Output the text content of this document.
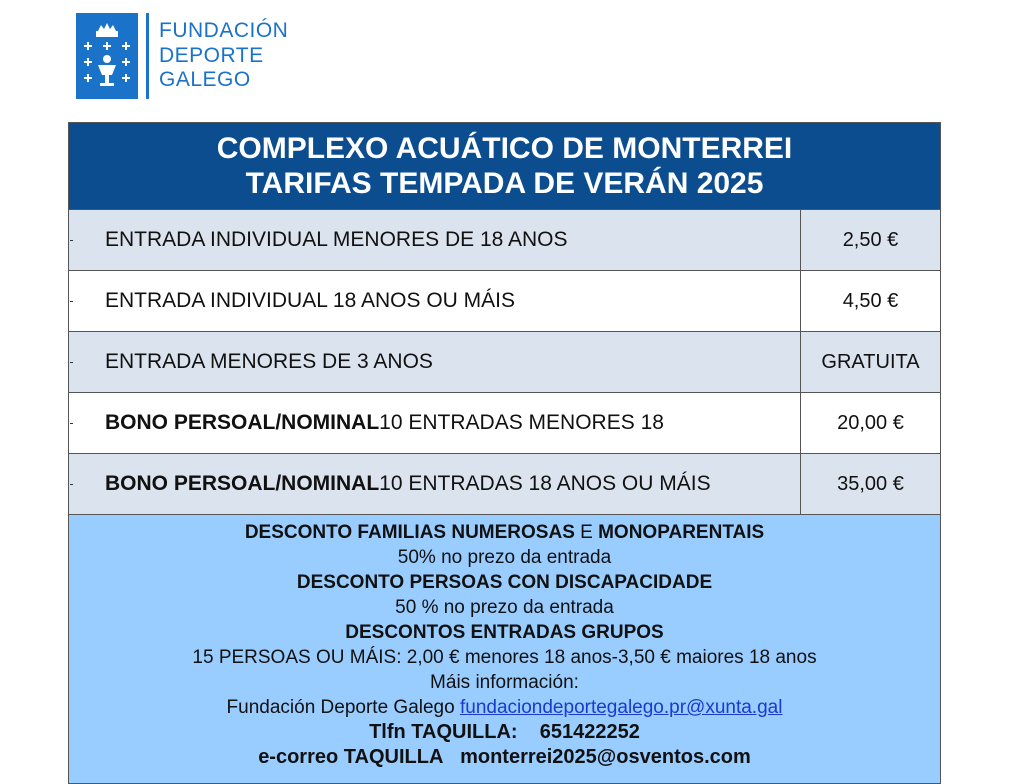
FUNDACIÓN
DEPORTE
GALEGO
COMPLEXO ACUÁTICO DE MONTERREI
TARIFAS TEMPADA DE VERÁN 2025
ENTRADA INDIVIDUAL MENORES DE 18 ANOS	2,50 €
ENTRADA INDIVIDUAL 18 ANOS OU MÁIS	4,50 €
ENTRADA MENORES DE 3 ANOS	GRATUITA
BONO PERSOAL/NOMINAL 10 ENTRADAS MENORES 18	20,00 €
BONO PERSOAL/NOMINAL 10 ENTRADAS 18 ANOS OU MÁIS	35,00 €
DESCONTO FAMILIAS NUMEROSAS E MONOPARENTAIS
50% no prezo da entrada
DESCONTO PERSOAS CON DISCAPACIDADE
50 % no prezo da entrada
DESCONTOS ENTRADAS GRUPOS
15 PERSOAS OU MÁIS: 2,00 € menores 18 anos-3,50 € maiores 18 anos
Máis información:
Fundación Deporte Galego fundaciondeportegalego.pr@xunta.gal
Tlfn TAQUILLA: 651422252
e-correo TAQUILLA monterrei2025@osventos.com
